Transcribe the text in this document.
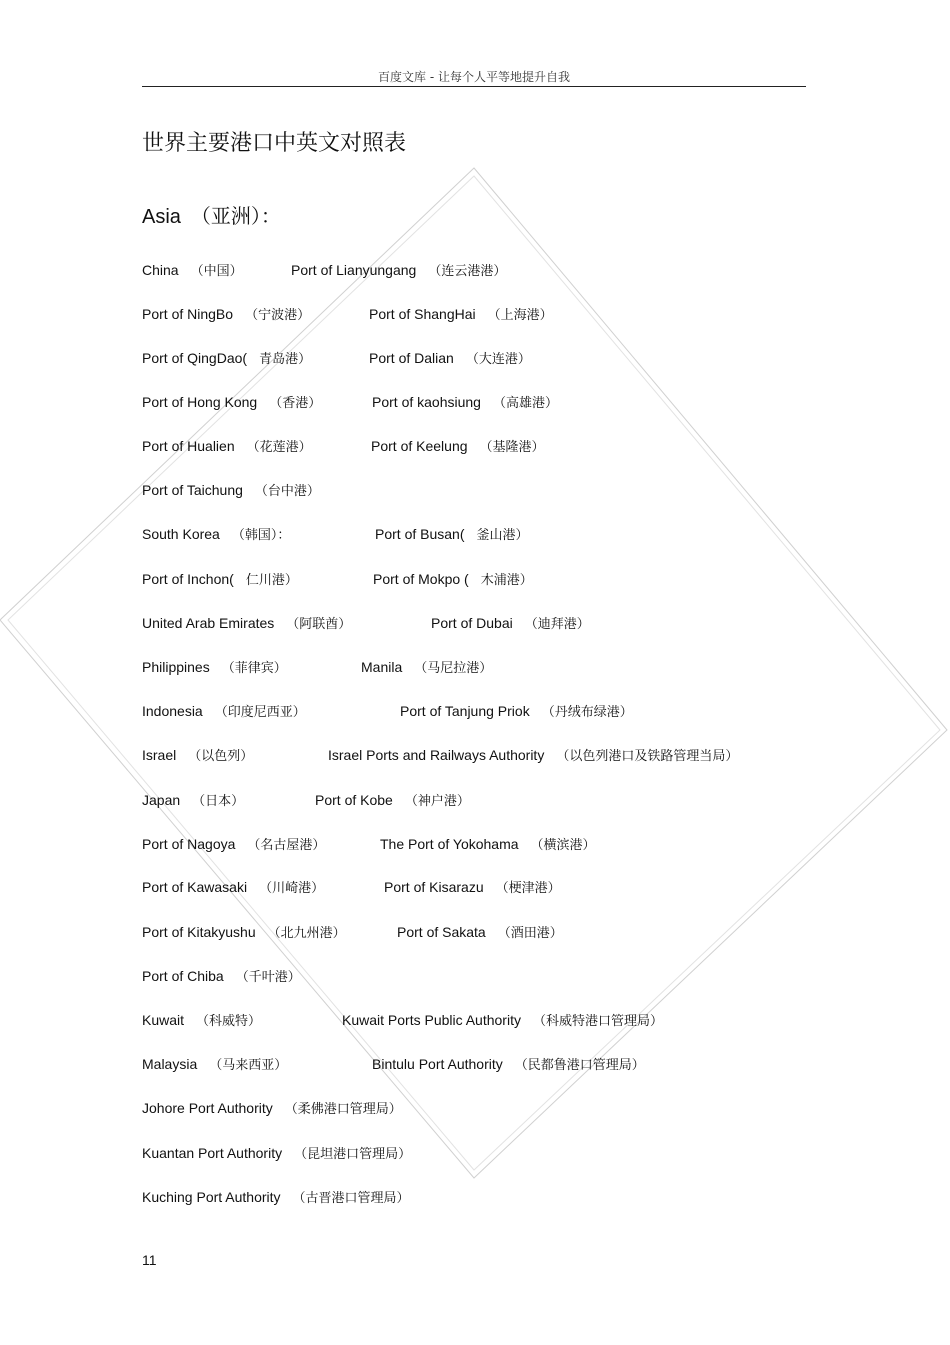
百度文库 - 让每个人平等地提升自我
世界主要港口中英文对照表
Asia （亚洲）：
China （中国）	Port of Lianyungang （连云港港）
Port of NingBo （宁波港）	Port of ShangHai （上海港）
Port of QingDao( 青岛港）	Port of Dalian （大连港）
Port of Hong Kong （香港）	Port of kaohsiung （高雄港）
Port of Hualien （花莲港）	Port of Keelung （基隆港）
Port of Taichung （台中港）
South Korea （韩国）：	Port of Busan( 釜山港）
Port of Inchon( 仁川港）	Port of Mokpo ( 木浦港）
United Arab Emirates （阿联酋）	Port of Dubai （迪拜港）
Philippines （菲律宾）	Manila （马尼拉港）
Indonesia （印度尼西亚）	Port of Tanjung Priok （丹绒布绿港）
Israel （以色列）	Israel Ports and Railways Authority （以色列港口及铁路管理当局）
Japan （日本）	Port of Kobe （神户港）
Port of Nagoya （名古屋港）	The Port of Yokohama （横滨港）
Port of Kawasaki （川崎港）	Port of Kisarazu （梗津港）
Port of Kitakyushu （北九州港）	Port of Sakata （酒田港）
Port of Chiba （千叶港）
Kuwait （科威特）	Kuwait Ports Public Authority （科威特港口管理局）
Malaysia （马来西亚）	Bintulu Port Authority （民都鲁港口管理局）
Johore Port Authority （柔佛港口管理局）
Kuantan Port Authority （昆坦港口管理局）
Kuching Port Authority （古晋港口管理局）
11
